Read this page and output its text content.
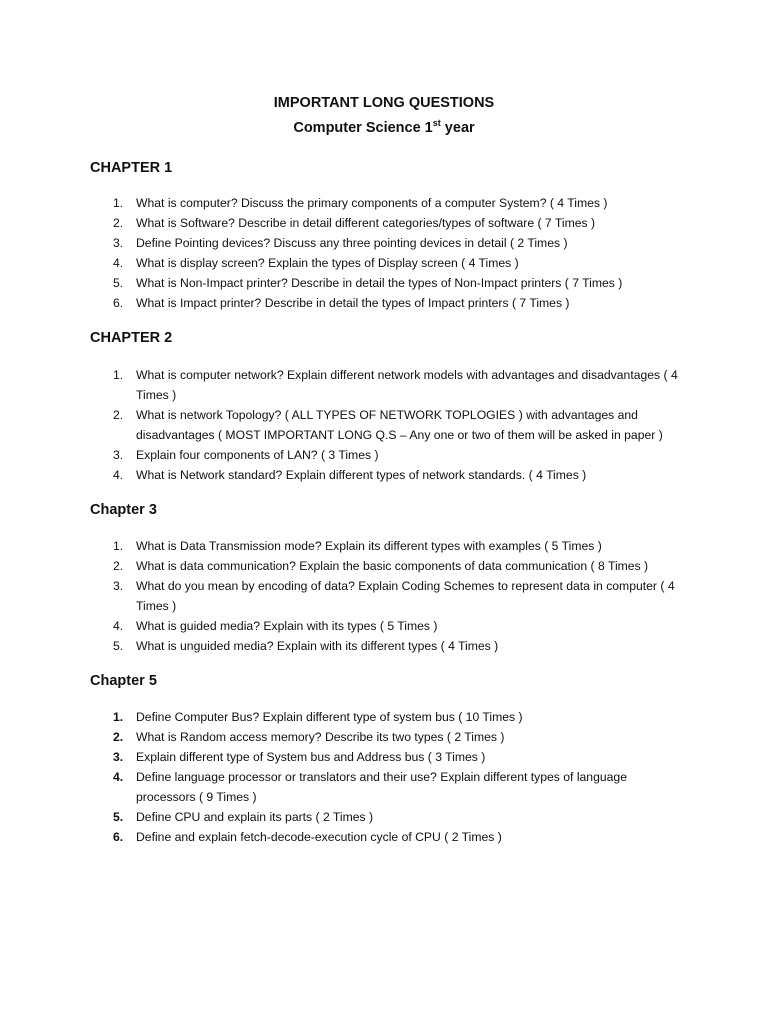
IMPORTANT LONG QUESTIONS
Computer Science 1st year
CHAPTER 1
1. What is computer? Discuss the primary components of a computer System? ( 4 Times )
2. What is Software? Describe in detail different categories/types of software ( 7 Times )
3. Define Pointing devices? Discuss any three pointing devices in detail ( 2 Times )
4. What is display screen? Explain the types of Display screen ( 4 Times )
5. What is Non-Impact printer? Describe in detail the types of Non-Impact printers ( 7 Times )
6. What is Impact printer? Describe in detail the types of Impact printers ( 7 Times )
CHAPTER 2
1. What is computer network? Explain different network models with advantages and disadvantages ( 4 Times )
2. What is network Topology? ( ALL TYPES OF NETWORK TOPLOGIES ) with advantages and disadvantages ( MOST IMPORTANT LONG Q.S – Any one or two of them will be asked in paper )
3. Explain four components of LAN? ( 3 Times )
4. What is Network standard? Explain different types of network standards. ( 4 Times )
Chapter 3
1. What is Data Transmission mode? Explain its different types with examples ( 5 Times )
2. What is data communication? Explain the basic components of data communication ( 8 Times )
3. What do you mean by encoding of data? Explain Coding Schemes to represent data in computer ( 4 Times )
4. What is guided media? Explain with its types ( 5 Times )
5. What is unguided media? Explain with its different types ( 4 Times )
Chapter 5
1. Define Computer Bus? Explain different type of system bus ( 10 Times )
2. What is Random access memory? Describe its two types ( 2 Times )
3. Explain different type of System bus and Address bus ( 3 Times )
4. Define language processor or translators and their use? Explain different types of language processors ( 9 Times )
5. Define CPU and explain its parts ( 2 Times )
6. Define and explain fetch-decode-execution cycle of CPU ( 2 Times )
